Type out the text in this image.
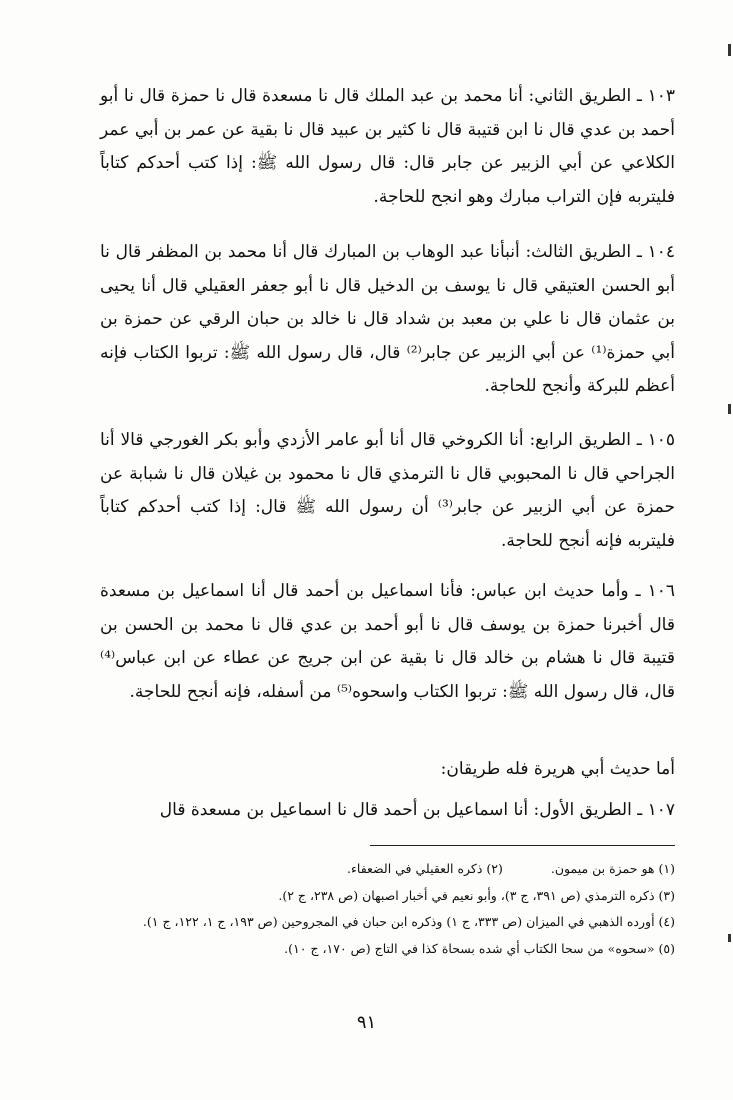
١٠٣ ـ الطريق الثاني: أنا محمد بن عبد الملك قال نا مسعدة قال نا حمزة قال نا أبو أحمد بن عدي قال نا ابن قتيبة قال نا كثير بن عبيد قال نا بقية عن عمر بن أبي عمر الكلاعي عن أبي الزبير عن جابر قال: قال رسول الله ﷺ: إذا كتب أحدكم كتاباً فليتربه فإن التراب مبارك وهو انجح للحاجة.

١٠٤ ـ الطريق الثالث: أنبأنا عبد الوهاب بن المبارك قال أنا محمد بن المظفر قال نا أبو الحسن العتيقي قال نا يوسف بن الدخيل قال نا أبو جعفر العقيلي قال أنا يحيى بن عثمان قال نا علي بن معبد بن شداد قال نا خالد بن حبان الرقي عن حمزة بن أبي حمزة⁽¹⁾ عن أبي الزبير عن جابر⁽²⁾ قال، قال رسول الله ﷺ: تربوا الكتاب فإنه أعظم للبركة وأنجح للحاجة.

١٠٥ ـ الطريق الرابع: أنا الكروخي قال أنا أبو عامر الأزدي وأبو بكر الغورجي قالا أنا الجراحي قال نا المحبوبي قال نا الترمذي قال نا محمود بن غيلان قال نا شبابة عن حمزة عن أبي الزبير عن جابر⁽³⁾ أن رسول الله ﷺ قال: إذا كتب أحدكم كتاباً فليتربه فإنه أنجح للحاجة.

١٠٦ ـ وأما حديث ابن عباس: فأنا اسماعيل بن أحمد قال أنا اسماعيل بن مسعدة قال أخبرنا حمزة بن يوسف قال نا أبو أحمد بن عدي قال نا محمد بن الحسن بن قتيبة قال نا هشام بن خالد قال نا بقية عن ابن جريج عن عطاء عن ابن عباس⁽⁴⁾ قال، قال رسول الله ﷺ: تربوا الكتاب واسحوه⁽⁵⁾ من أسفله، فإنه أنجح للحاجة.

أما حديث أبي هريرة فله طريقان:

١٠٧ ـ الطريق الأول: أنا اسماعيل بن أحمد قال نا اسماعيل بن مسعدة قال

(١) هو حمزة بن ميمون. (٢) ذكره العقيلي في الضعفاء.
(٣) ذكره الترمذي (ص ٣٩١، ج ٣)، وأبو نعيم في أخبار اصبهان (ص ٢٣٨، ج ٢).
(٤) أورده الذهبي في الميزان (ص ٣٣٣، ج ١) وذكره ابن حبان في المجروحين (ص ١٩٣، ج ١، ١٢٢، ج ١).
(٥) «سحوه» من سحا الكتاب أي شده بسحاة كذا في التاج (ص ١٧٠، ج ١٠).
٩١
